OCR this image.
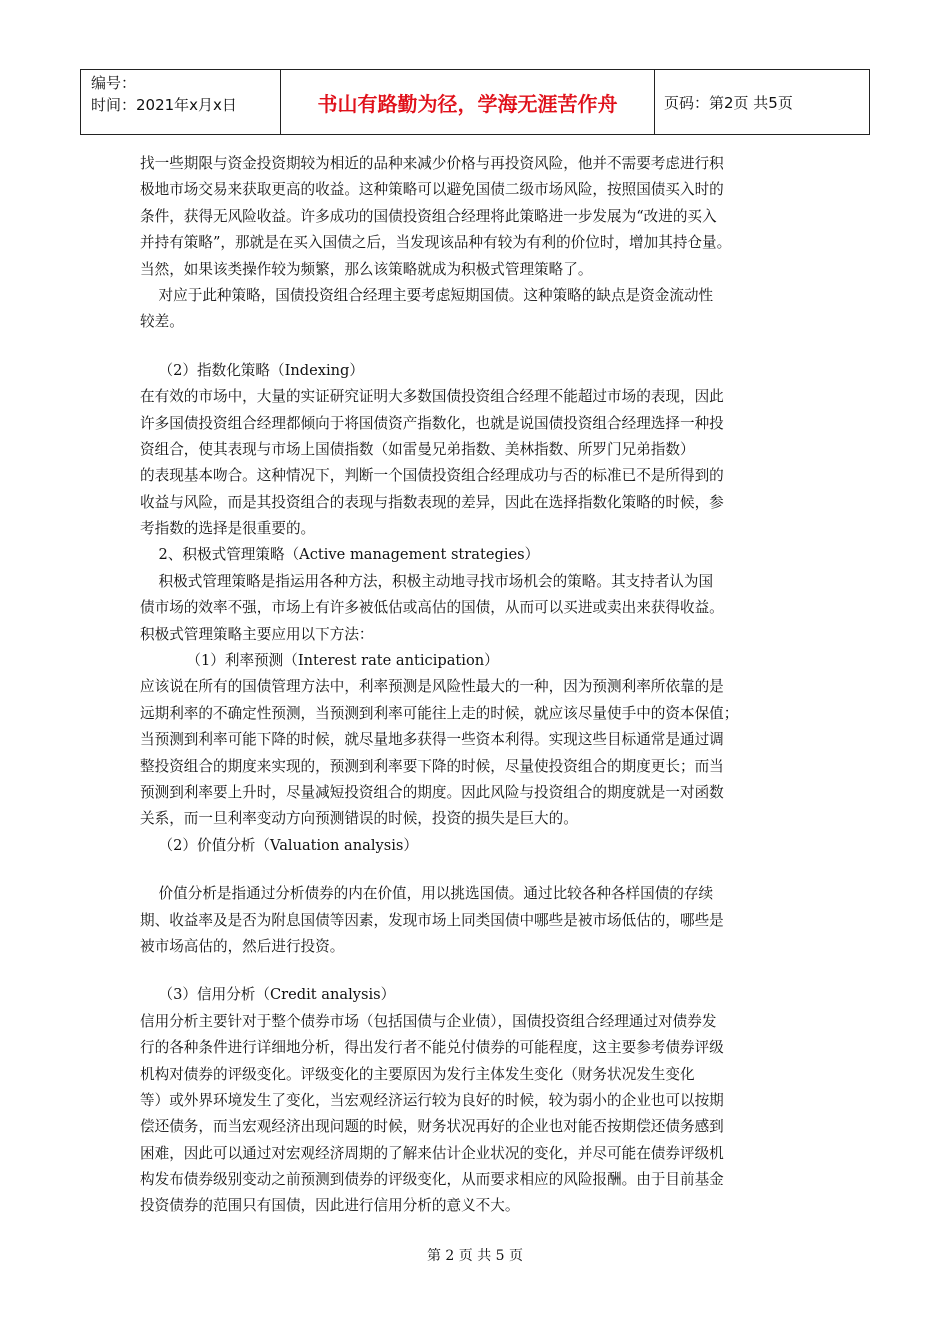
编号：
时间：2021年x月x日	书山有路勤为径，学海无涯苦作舟	页码：第2页 共5页
找一些期限与资金投资期较为相近的品种来减少价格与再投资风险，他并不需要考虑进行积
极地市场交易来获取更高的收益。这种策略可以避免国债二级市场风险，按照国债买入时的
条件，获得无风险收益。许多成功的国债投资组合经理将此策略进一步发展为“改进的买入
并持有策略”，那就是在买入国债之后，当发现该品种有较为有利的价位时，增加其持仓量。
当然，如果该类操作较为频繁，那么该策略就成为积极式管理策略了。
对应于此种策略，国债投资组合经理主要考虑短期国债。这种策略的缺点是资金流动性
较差。
（2）指数化策略（Indexing）
在有效的市场中，大量的实证研究证明大多数国债投资组合经理不能超过市场的表现，因此
许多国债投资组合经理都倾向于将国债资产指数化，也就是说国债投资组合经理选择一种投
资组合，使其表现与市场上国债指数（如雷曼兄弟指数、美林指数、所罗门兄弟指数）
的表现基本吻合。这种情况下，判断一个国债投资组合经理成功与否的标准已不是所得到的
收益与风险，而是其投资组合的表现与指数表现的差异，因此在选择指数化策略的时候，参
考指数的选择是很重要的。
2、积极式管理策略（Active management strategies）
积极式管理策略是指运用各种方法，积极主动地寻找市场机会的策略。其支持者认为国
债市场的效率不强，市场上有许多被低估或高估的国债，从而可以买进或卖出来获得收益。
积极式管理策略主要应用以下方法：
（1）利率预测（Interest rate anticipation）
应该说在所有的国债管理方法中，利率预测是风险性最大的一种，因为预测利率所依靠的是
远期利率的不确定性预测，当预测到利率可能往上走的时候，就应该尽量使手中的资本保值；
当预测到利率可能下降的时候，就尽量地多获得一些资本利得。实现这些目标通常是通过调
整投资组合的期度来实现的，预测到利率要下降的时候，尽量使投资组合的期度更长；而当
预测到利率要上升时，尽量减短投资组合的期度。因此风险与投资组合的期度就是一对函数
关系，而一旦利率变动方向预测错误的时候，投资的损失是巨大的。
（2）价值分析（Valuation analysis）
价值分析是指通过分析债券的内在价值，用以挑选国债。通过比较各种各样国债的存续
期、收益率及是否为附息国债等因素，发现市场上同类国债中哪些是被市场低估的，哪些是
被市场高估的，然后进行投资。
（3）信用分析（Credit analysis）
信用分析主要针对于整个债券市场（包括国债与企业债），国债投资组合经理通过对债券发
行的各种条件进行详细地分析，得出发行者不能兑付债券的可能程度，这主要参考债券评级
机构对债券的评级变化。评级变化的主要原因为发行主体发生变化（财务状况发生变化
等）或外界环境发生了变化，当宏观经济运行较为良好的时候，较为弱小的企业也可以按期
偿还债务，而当宏观经济出现问题的时候，财务状况再好的企业也对能否按期偿还债务感到
困难，因此可以通过对宏观经济周期的了解来估计企业状况的变化，并尽可能在债券评级机
构发布债券级别变动之前预测到债券的评级变化，从而要求相应的风险报酬。由于目前基金
投资债券的范围只有国债，因此进行信用分析的意义不大。
第 2 页 共 5 页
